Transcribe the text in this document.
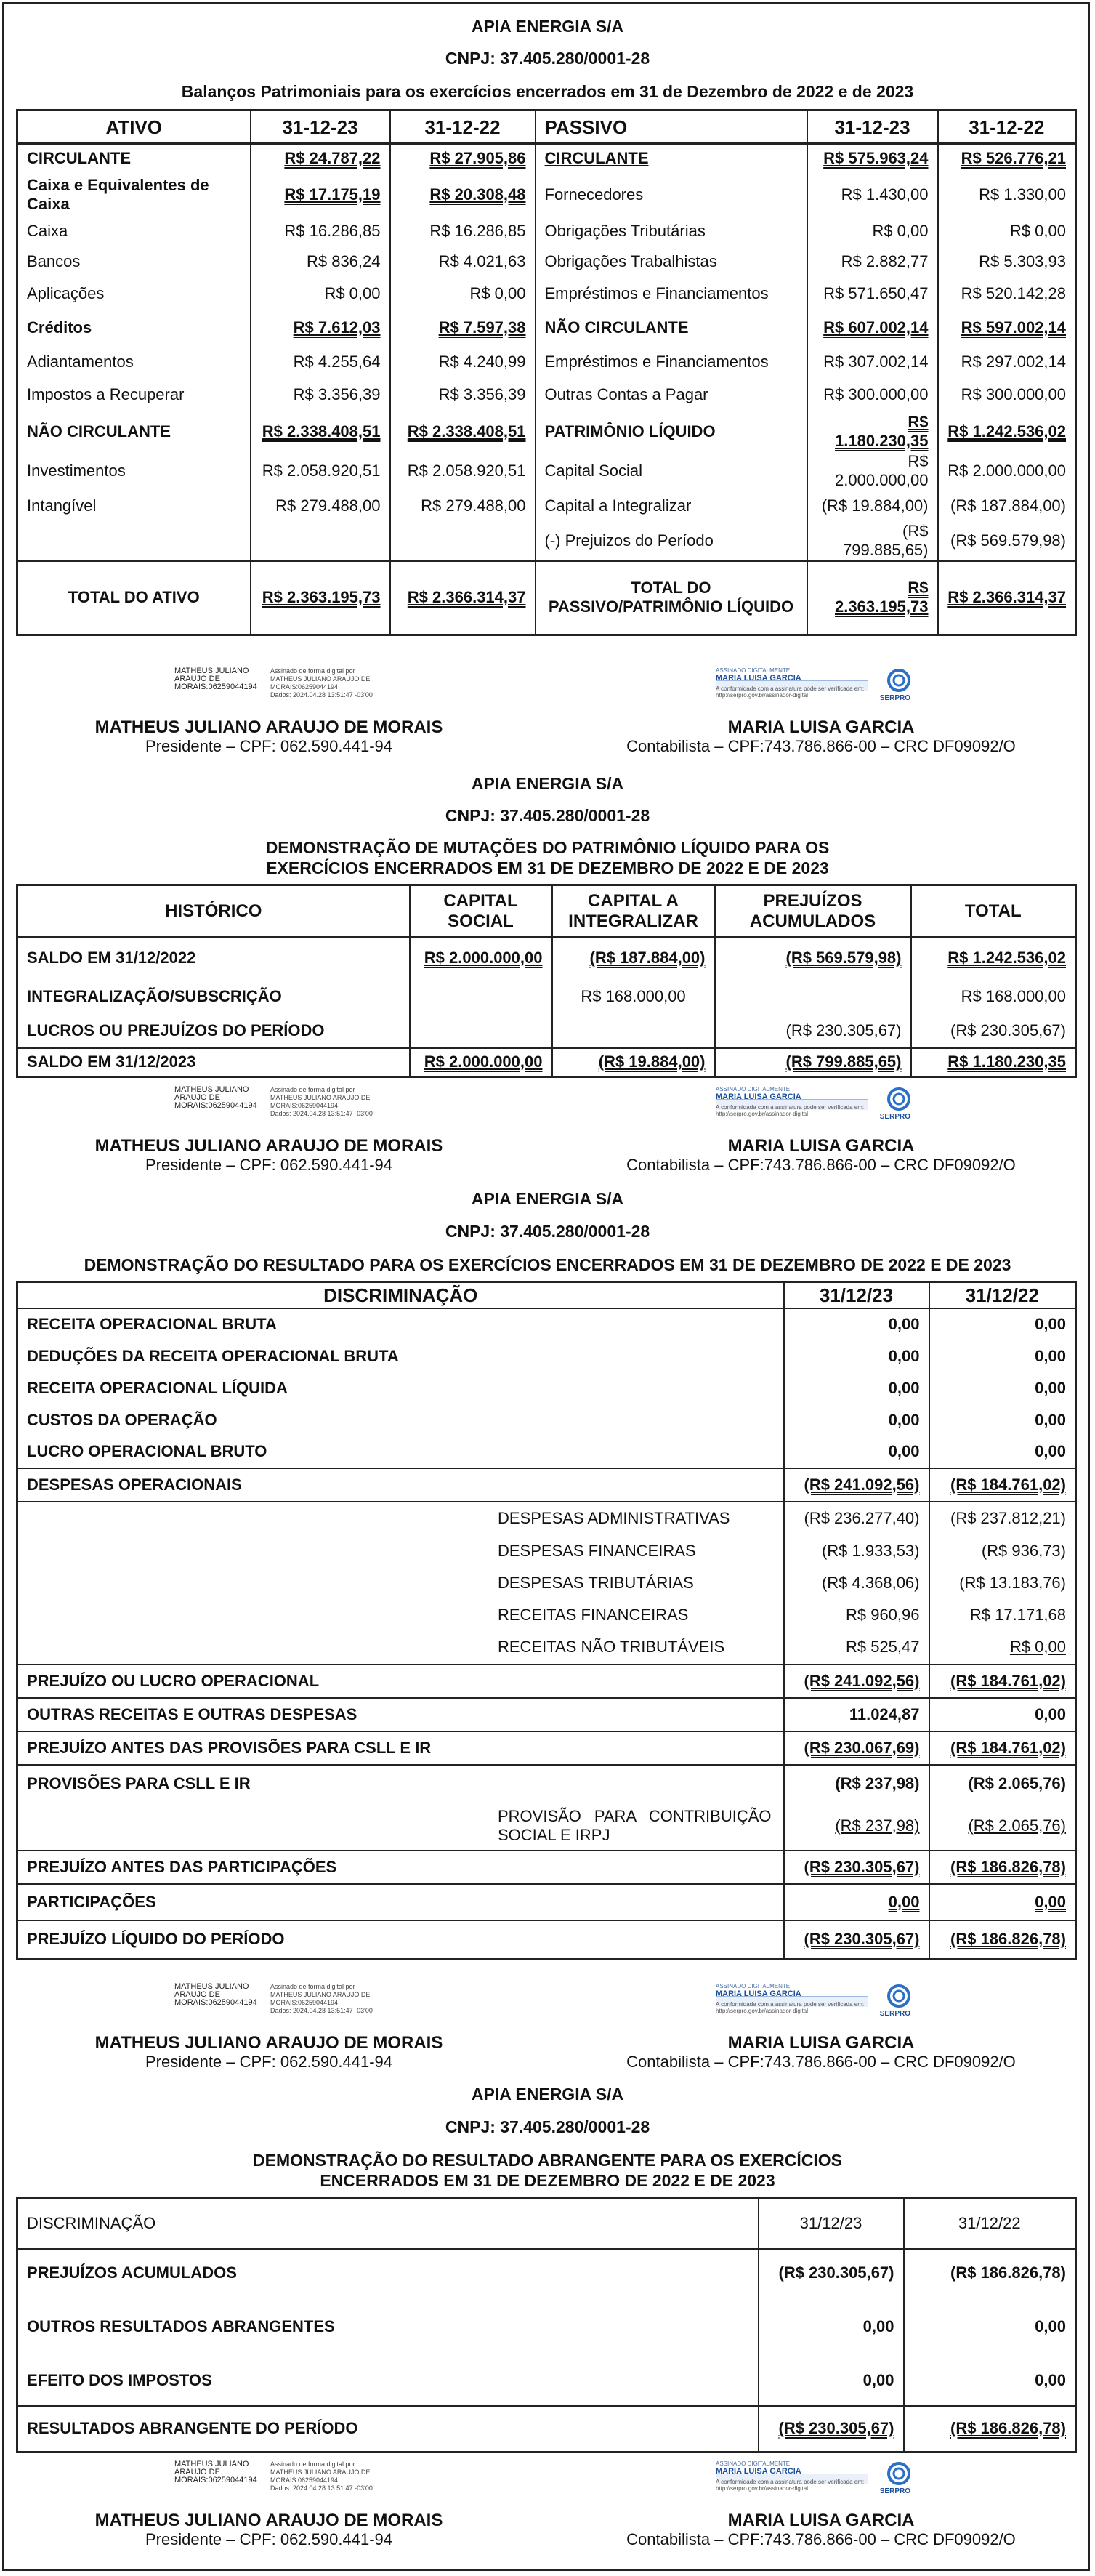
APIA ENERGIA S/A
CNPJ: 37.405.280/0001-28
Balanços Patrimoniais para os exercícios encerrados em 31 de Dezembro de 2022 e de 2023
ATIVO	31-12-23	31-12-22	PASSIVO	31-12-23	31-12-22
CIRCULANTE	R$ 24.787,22	R$ 27.905,86	CIRCULANTE	R$ 575.963,24	R$ 526.776,21
Caixa e Equivalentes de Caixa	R$ 17.175,19	R$ 20.308,48	Fornecedores	R$ 1.430,00	R$ 1.330,00
Caixa	R$ 16.286,85	R$ 16.286,85	Obrigações Tributárias	R$ 0,00	R$ 0,00
Bancos	R$ 836,24	R$ 4.021,63	Obrigações Trabalhistas	R$ 2.882,77	R$ 5.303,93
Aplicações	R$ 0,00	R$ 0,00	Empréstimos e Financiamentos	R$ 571.650,47	R$ 520.142,28
Créditos	R$ 7.612,03	R$ 7.597,38	NÃO CIRCULANTE	R$ 607.002,14	R$ 597.002,14
Adiantamentos	R$ 4.255,64	R$ 4.240,99	Empréstimos e Financiamentos	R$ 307.002,14	R$ 297.002,14
Impostos a Recuperar	R$ 3.356,39	R$ 3.356,39	Outras Contas a Pagar	R$ 300.000,00	R$ 300.000,00
NÃO CIRCULANTE	R$ 2.338.408,51	R$ 2.338.408,51	PATRIMÔNIO LÍQUIDO	R$ 1.180.230,35	R$ 1.242.536,02
Investimentos	R$ 2.058.920,51	R$ 2.058.920,51	Capital Social	R$ 2.000.000,00	R$ 2.000.000,00
Intangível	R$ 279.488,00	R$ 279.488,00	Capital a Integralizar	(R$ 19.884,00)	(R$ 187.884,00)
			(-) Prejuizos do Período	(R$ 799.885,65)	(R$ 569.579,98)
TOTAL DO ATIVO	R$ 2.363.195,73	R$ 2.366.314,37	TOTAL DO PASSIVO/PATRIMÔNIO LÍQUIDO	R$ 2.363.195,73	R$ 2.366.314,37
MATHEUS JULIANO
ARAUJO DE
MORAIS:06259044194
Assinado de forma digital por
MATHEUS JULIANO ARAUJO DE
MORAIS:06259044194
Dados: 2024.04.28 13:51:47 -03'00'
ASSINADO DIGITALMENTE
MARIA LUISA GARCIA
A conformidade com a assinatura pode ser verificada em:
http://serpro.gov.br/assinador-digital	SERPRO
MATHEUS JULIANO ARAUJO DE MORAIS
Presidente – CPF: 062.590.441-94
MARIA LUISA GARCIA
Contabilista – CPF:743.786.866-00 – CRC DF09092/O
APIA ENERGIA S/A
CNPJ: 37.405.280/0001-28
DEMONSTRAÇÃO DE MUTAÇÕES DO PATRIMÔNIO LÍQUIDO PARA OS
EXERCÍCIOS ENCERRADOS EM 31 DE DEZEMBRO DE 2022 E DE 2023
HISTÓRICO	CAPITAL SOCIAL	CAPITAL A INTEGRALIZAR	PREJUÍZOS ACUMULADOS	TOTAL
SALDO EM 31/12/2022	R$ 2.000.000,00	(R$ 187.884,00)	(R$ 569.579,98)	R$ 1.242.536,02
INTEGRALIZAÇÃO/SUBSCRIÇÃO		R$ 168.000,00		R$ 168.000,00
LUCROS OU PREJUÍZOS DO PERÍODO			(R$ 230.305,67)	(R$ 230.305,67)
SALDO EM 31/12/2023	R$ 2.000.000,00	(R$ 19.884,00)	(R$ 799.885,65)	R$ 1.180.230,35
MATHEUS JULIANO
ARAUJO DE
MORAIS:06259044194
Assinado de forma digital por
MATHEUS JULIANO ARAUJO DE
MORAIS:06259044194
Dados: 2024.04.28 13:51:47 -03'00'
ASSINADO DIGITALMENTE
MARIA LUISA GARCIA
A conformidade com a assinatura pode ser verificada em:
http://serpro.gov.br/assinador-digital	SERPRO
MATHEUS JULIANO ARAUJO DE MORAIS
Presidente – CPF: 062.590.441-94
MARIA LUISA GARCIA
Contabilista – CPF:743.786.866-00 – CRC DF09092/O
APIA ENERGIA S/A
CNPJ: 37.405.280/0001-28
DEMONSTRAÇÃO DO RESULTADO PARA OS EXERCÍCIOS ENCERRADOS EM 31 DE DEZEMBRO DE 2022 E DE 2023
DISCRIMINAÇÃO	31/12/23	31/12/22
RECEITA OPERACIONAL BRUTA	0,00	0,00
DEDUÇÕES DA RECEITA OPERACIONAL BRUTA	0,00	0,00
RECEITA OPERACIONAL LÍQUIDA	0,00	0,00
CUSTOS DA OPERAÇÃO	0,00	0,00
LUCRO OPERACIONAL BRUTO	0,00	0,00
DESPESAS OPERACIONAIS	(R$ 241.092,56)	(R$ 184.761,02)
DESPESAS ADMINISTRATIVAS	(R$ 236.277,40)	(R$ 237.812,21)
DESPESAS FINANCEIRAS	(R$ 1.933,53)	(R$ 936,73)
DESPESAS TRIBUTÁRIAS	(R$ 4.368,06)	(R$ 13.183,76)
RECEITAS FINANCEIRAS	R$ 960,96	R$ 17.171,68
RECEITAS NÃO TRIBUTÁVEIS	R$ 525,47	R$ 0,00
PREJUÍZO OU LUCRO OPERACIONAL	(R$ 241.092,56)	(R$ 184.761,02)
OUTRAS RECEITAS E OUTRAS DESPESAS	11.024,87	0,00
PREJUÍZO ANTES DAS PROVISÕES PARA CSLL E IR	(R$ 230.067,69)	(R$ 184.761,02)
PROVISÕES PARA CSLL E IR	(R$ 237,98)	(R$ 2.065,76)
PROVISÃO PARA CONTRIBUIÇÃO SOCIAL E IRPJ	(R$ 237,98)	(R$ 2.065,76)
PREJUÍZO ANTES DAS PARTICIPAÇÕES	(R$ 230.305,67)	(R$ 186.826,78)
PARTICIPAÇÕES	0,00	0,00
PREJUÍZO LÍQUIDO DO PERÍODO	(R$ 230.305,67)	(R$ 186.826,78)
MATHEUS JULIANO
ARAUJO DE
MORAIS:06259044194
Assinado de forma digital por
MATHEUS JULIANO ARAUJO DE
MORAIS:06259044194
Dados: 2024.04.28 13:51:47 -03'00'
ASSINADO DIGITALMENTE
MARIA LUISA GARCIA
A conformidade com a assinatura pode ser verificada em:
http://serpro.gov.br/assinador-digital	SERPRO
MATHEUS JULIANO ARAUJO DE MORAIS
Presidente – CPF: 062.590.441-94
MARIA LUISA GARCIA
Contabilista – CPF:743.786.866-00 – CRC DF09092/O
APIA ENERGIA S/A
CNPJ: 37.405.280/0001-28
DEMONSTRAÇÃO DO RESULTADO ABRANGENTE PARA OS EXERCÍCIOS
ENCERRADOS EM 31 DE DEZEMBRO DE 2022 E DE 2023
DISCRIMINAÇÃO	31/12/23	31/12/22
PREJUÍZOS ACUMULADOS	(R$ 230.305,67)	(R$ 186.826,78)
OUTROS RESULTADOS ABRANGENTES	0,00	0,00
EFEITO DOS IMPOSTOS	0,00	0,00
RESULTADOS ABRANGENTE DO PERÍODO	(R$ 230.305,67)	(R$ 186.826,78)
MATHEUS JULIANO
ARAUJO DE
MORAIS:06259044194
Assinado de forma digital por
MATHEUS JULIANO ARAUJO DE
MORAIS:06259044194
Dados: 2024.04.28 13:51:47 -03'00'
ASSINADO DIGITALMENTE
MARIA LUISA GARCIA
A conformidade com a assinatura pode ser verificada em:
http://serpro.gov.br/assinador-digital	SERPRO
MATHEUS JULIANO ARAUJO DE MORAIS
Presidente – CPF: 062.590.441-94
MARIA LUISA GARCIA
Contabilista – CPF:743.786.866-00 – CRC DF09092/O
